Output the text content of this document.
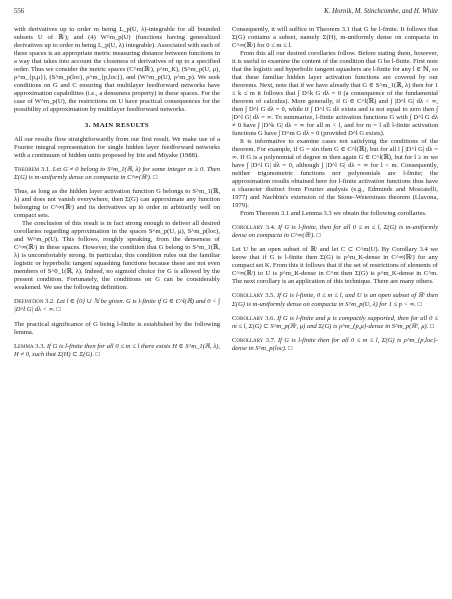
556	K. Hornik, M. Stinchcombe, and H. White

with derivatives up to order m being L_p(U, λ)-integrable for all bounded subsets U of ℝʳ); and (4) W^m_p(U) (functions having generalized derivatives up to order m being L_p(U, λ) integrable). Associated with each of these spaces is an appropriate metric measuring distance between functions in a way that takes into account the closeness of derivatives of up to a specified order. Thus we consider the metric spaces (C^m(ℝʳ), ρ^m_K), (S^m_p(U, μ), ρ^m_{p,μ}), (S^m_p(loc), ρ^m_{p,loc}), and (W^m_p(U), ρ^m_p). We seek conditions on G and C ensuring that multilayer feedforward networks have approximation capabilities (i.e., a denseness property) in these spaces. For the case of W^m_p(U), the restrictions on U have practical consequences for the possibility of approximation by multilayer feedforward networks.

3. MAIN RESULTS

All our results flow straightforwardly from our first result. We make use of a Fourier integral representation for single hidden layer feedforward networks with a continuum of hidden units proposed by Irie and Miyake (1988).

Theorem 3.1. Let G ≠ 0 belong to S^m_1(ℝ, λ) for some integer m ≥ 0. Then Σ(G) is m-uniformly dense on compacta in C^∞(ℝʳ). □

Thus, as long as the hidden layer activation function G belongs to S^m_1(ℝ, λ) and does not vanish everywhere, then Σ(G) can approximate any function belonging to C^∞(ℝʳ) and its derivatives up to order m arbitrarily well on compact sets.

The conclusion of this result is in fact strong enough to deliver all desired corollaries regarding approximation in the spaces S^m_p(U, μ), S^m_p(loc), and W^m_p(U). This follows, roughly speaking, from the denseness of C^∞(ℝʳ) in these spaces. However, the condition that G belong to S^m_1(ℝ, λ) is uncomfortably strong. In particular, this condition rules out the familiar logistic or hyperbolic tangent squashing functions because these are not even members of S^0_1(ℝ, λ). Indeed, no sigmoid choice for G is allowed by the present condition. Fortunately, the conditions on G can be considerably weakened. We use the following definition.

Definition 3.2. Let l ∈ {0} ∪ ℕ be given. G is l-finite if G ∈ C^l(ℝ) and 0 < ∫ |D^l G| dλ < ∞. □

The practical significance of G being l-finite is established by the following lemma.

Lemma 3.3. If G is l-finite then for all 0 ≤ m ≤ l there exists H ∈ S^m_1(ℝ, λ), H ≠ 0, such that Σ(H) ⊂ Σ(G). □

Consequently, it will suffice in Theorem 3.1 that G be l-finite. It follows that Σ(G) contains a subset, namely Σ(H), m-uniformly dense on compacta in C^∞(ℝʳ) for 0 ≤ m ≤ l.

From this all our desired corollaries follow. Before stating them, however, it is useful to examine the content of the condition that G be l-finite. First note that the logistic and hyperbolic tangent squashers are l-finite for any l ∈ ℕ, so that these familiar hidden layer activation functions are covered by our theorems. Next, note that if we have already that G ∈ S^m_1(ℝ, λ) then for 1 ≤ k ≤ m it follows that ∫ D^k G dλ = 0 (a consequence of the fundamental theorem of calculus). More generally, if G ∈ C^l(ℝ) and ∫ |D^l G| dλ < ∞, then ∫ D^l G dλ = 0, while if ∫ D^l G dλ exists and is not equal to zero then ∫ |D^l G| dλ = ∞. To summarize, l-finite activation functions G with ∫ D^l G dλ ≠ 0 have ∫ |D^k G| dλ = ∞ for all m < l, and for m = l all l-finite activation functions G have ∫ D^m G dλ = 0 (provided D^l G exists).

It is informative to examine cases not satisfying the conditions of the theorem. For example, if G = sin then G ∈ C^l(ℝ), but for all l ∫ |D^l G| dλ = ∞. If G is a polynomial of degree m then again G ∈ C^l(ℝ), but for l ≥ m we have ∫ |D^l G| dλ = 0, although ∫ |D^l G| dλ = ∞ for l < m. Consequently, neither trigonometric functions nor polynomials are l-finite; the approximation results obtained here for l-finite activation functions thus have a character distinct from Fourier analysis (e.g., Edmunds and Moscatelli, 1977) and Nachbin's extension of the Stone–Weierstrass theorem (Llavona, 1979).

From Theorem 3.1 and Lemma 3.3 we obtain the following corollaries.

Corollary 3.4. If G is l-finite, then for all 0 ≤ m ≤ l, Σ(G) is m-uniformly dense on compacta in C^∞(ℝʳ). □

Let U be an open subset of ℝʳ and let C ⊂ C^m(U). By Corollary 3.4 we know that if G is l-finite then Σ(G) is ρ^m_K-dense in C^∞(ℝʳ) for any compact set K. From this it follows that if the set of restrictions of elements of C^∞(ℝʳ) to U is ρ^m_K-dense in C^m then Σ(G) is ρ^m_K-dense in C^m. The next corollary is an application of this technique. There are many others.

Corollary 3.5. If G is l-finite, 0 ≤ m ≤ l, and U is an open subset of ℝʳ then Σ(G) is m-uniformly dense on compacta in S^m_p(U, λ) for 1 ≤ p < ∞. □
Corollary 3.6. If G is l-finite and μ is compactly supported, then for all 0 ≤ m ≤ l, Σ(G) ⊂ S^m_p(ℝʳ, μ) and Σ(G) is ρ^m_{p,μ}-dense in S^m_p(ℝʳ, μ). □
Corollary 3.7. If G is l-finite then for all 0 ≤ m ≤ l, Σ(G) is ρ^m_{p,loc}-dense in S^m_p(loc). □
